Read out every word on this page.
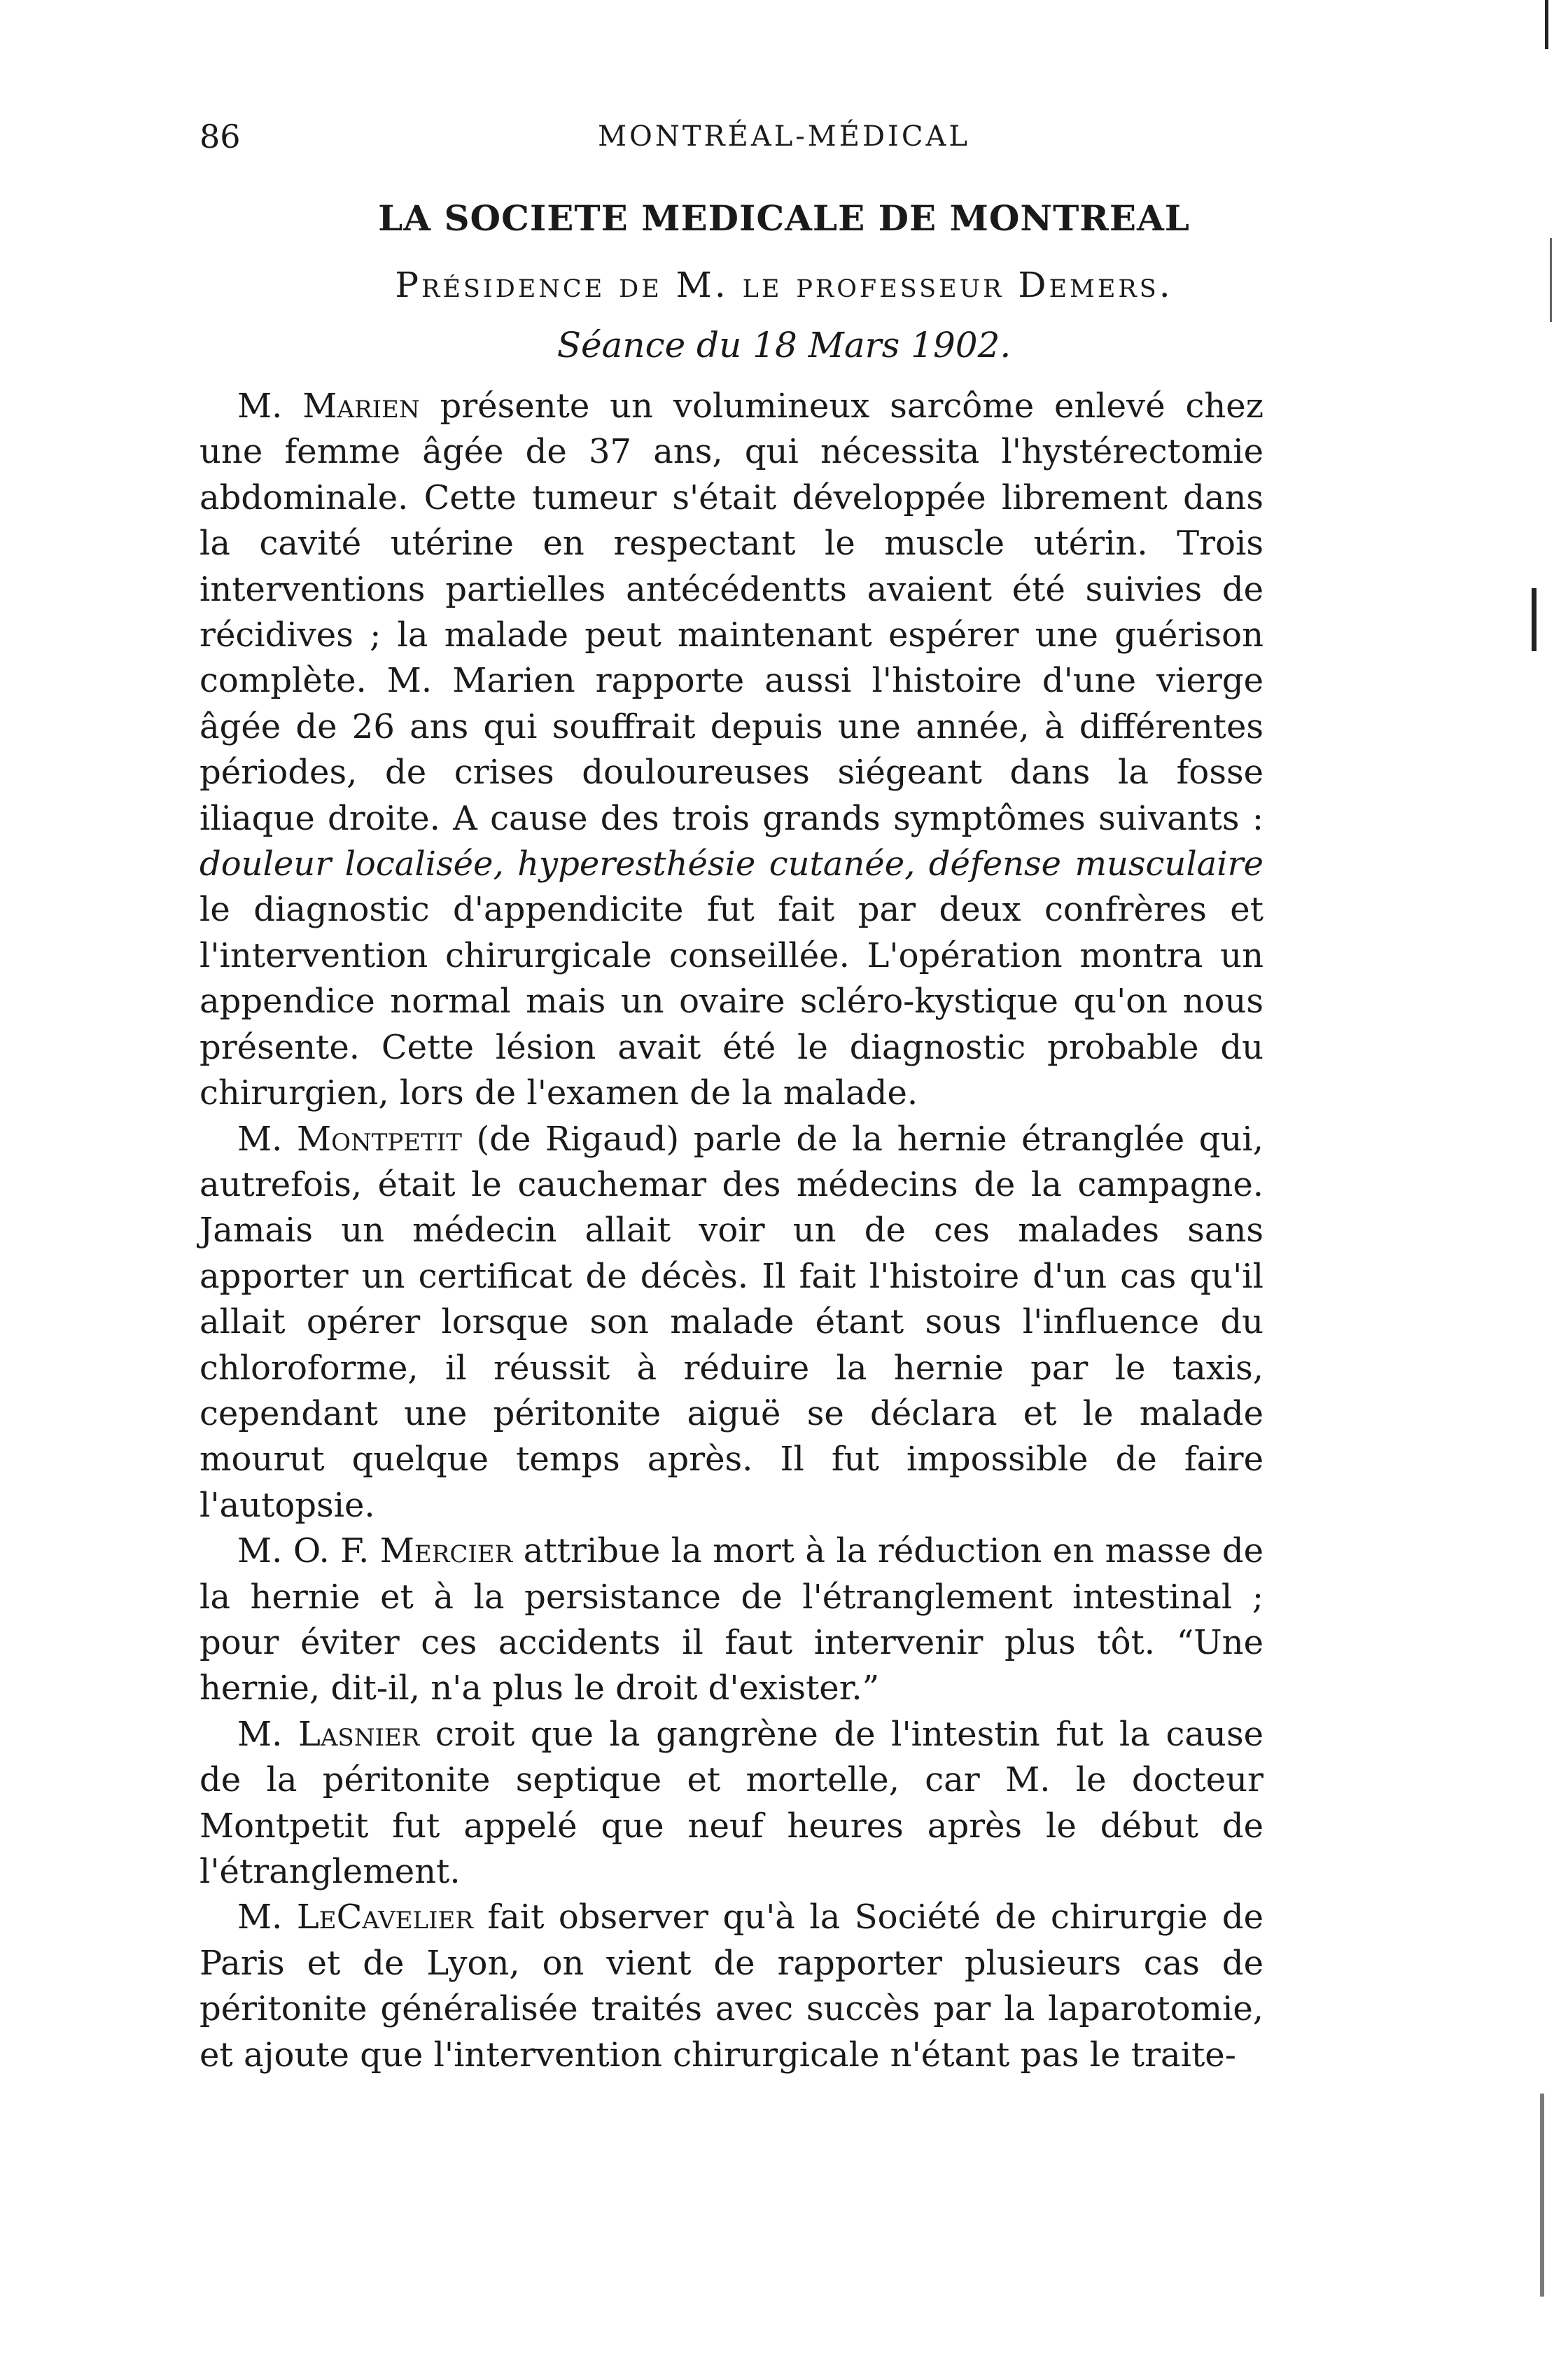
86	MONTRÉAL-MÉDICAL
LA SOCIETE MEDICALE DE MONTREAL
Présidence de M. le professeur Demers.
Séance du 18 Mars 1902.

M. Marien présente un volumineux sarcôme enlevé chez une femme âgée de 37 ans, qui nécessita l'hystérectomie abdominale. Cette tumeur s'était développée librement dans la cavité utérine en respectant le muscle utérin. Trois interventions partielles antécédentts avaient été suivies de récidives ; la malade peut maintenant espérer une guérison complète. M. Marien rapporte aussi l'histoire d'une vierge âgée de 26 ans qui souffrait depuis une année, à différentes périodes, de crises douloureuses siégeant dans la fosse iliaque droite. A cause des trois grands symptômes suivants : douleur localisée, hyperesthésie cutanée, défense musculaire le diagnostic d'appendicite fut fait par deux confrères et l'intervention chirurgicale conseillée. L'opération montra un appendice normal mais un ovaire scléro-kystique qu'on nous présente. Cette lésion avait été le diagnostic probable du chirurgien, lors de l'examen de la malade.

M. Montpetit (de Rigaud) parle de la hernie étranglée qui, autrefois, était le cauchemar des médecins de la campagne. Jamais un médecin allait voir un de ces malades sans apporter un certificat de décès. Il fait l'histoire d'un cas qu'il allait opérer lorsque son malade étant sous l'influence du chloroforme, il réussit à réduire la hernie par le taxis, cependant une péritonite aiguë se déclara et le malade mourut quelque temps après. Il fut impossible de faire l'autopsie.

M. O. F. Mercier attribue la mort à la réduction en masse de la hernie et à la persistance de l'étranglement intestinal ; pour éviter ces accidents il faut intervenir plus tôt. “Une hernie, dit-il, n'a plus le droit d'exister.”

M. Lasnier croit que la gangrène de l'intestin fut la cause de la péritonite septique et mortelle, car M. le docteur Montpetit fut appelé que neuf heures après le début de l'étranglement.

M. LeCavelier fait observer qu'à la Société de chirurgie de Paris et de Lyon, on vient de rapporter plusieurs cas de péritonite généralisée traités avec succès par la laparotomie, et ajoute que l'intervention chirurgicale n'étant pas le traite-
